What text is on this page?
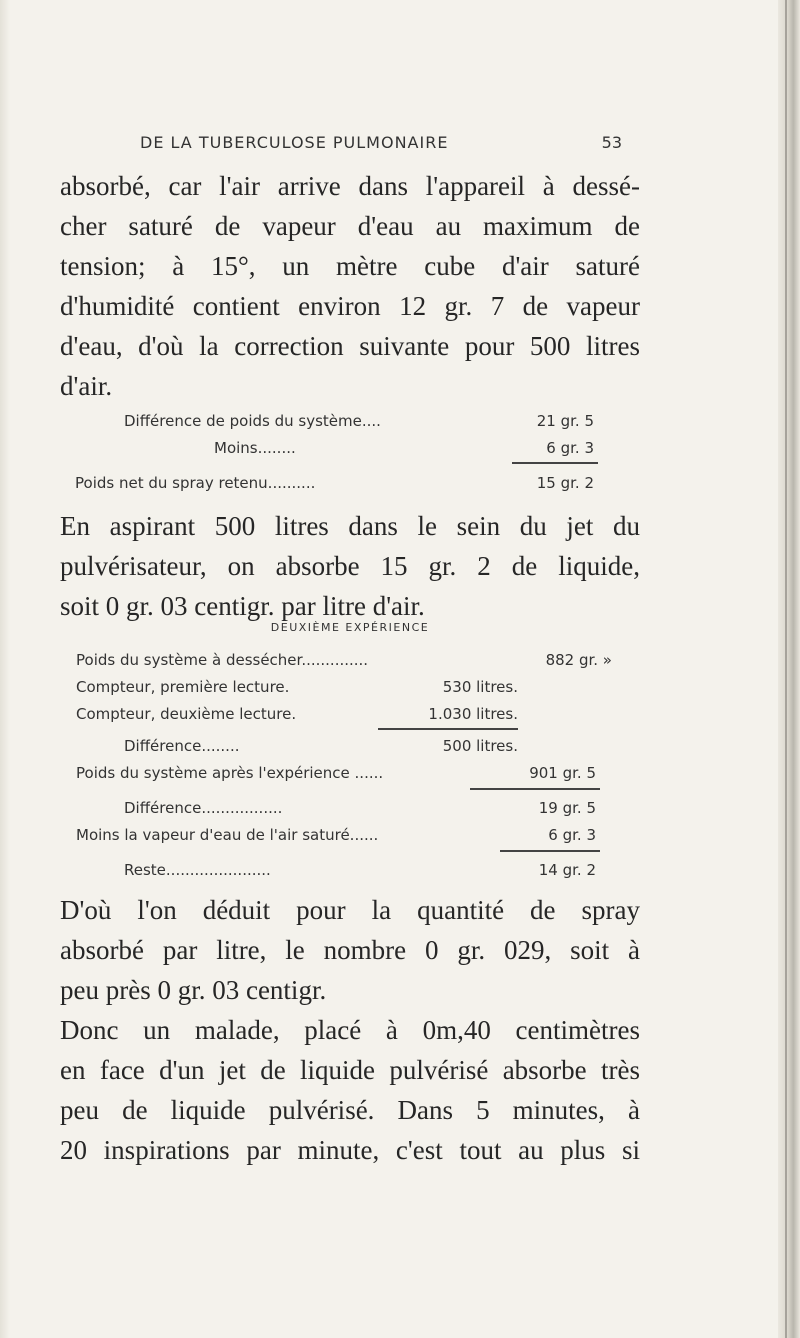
DE LA TUBERCULOSE PULMONAIRE	53
absorbé, car l'air arrive dans l'appareil à dessé-
cher saturé de vapeur d'eau au maximum de
tension; à 15°, un mètre cube d'air saturé
d'humidité contient environ 12 gr. 7 de vapeur
d'eau, d'où la correction suivante pour 500 litres
d'air.
Différence de poids du système....	21 gr. 5
Moins........	6 gr. 3
Poids net du spray retenu..........	15 gr. 2
En aspirant 500 litres dans le sein du jet du
pulvérisateur, on absorbe 15 gr. 2 de liquide,
soit 0 gr. 03 centigr. par litre d'air.
DEUXIÈME EXPÉRIENCE
Poids du système à dessécher..............	882 gr. »
Compteur, première lecture.	530 litres.
Compteur, deuxième lecture.	1.030 litres.
Différence........	500 litres.
Poids du système après l'expérience ......	901 gr. 5
Différence.................	19 gr. 5
Moins la vapeur d'eau de l'air saturé......	6 gr. 3
Reste......................	14 gr. 2
D'où l'on déduit pour la quantité de spray
absorbé par litre, le nombre 0 gr. 029, soit à
peu près 0 gr. 03 centigr.
Donc un malade, placé à 0m,40 centimètres
en face d'un jet de liquide pulvérisé absorbe très
peu de liquide pulvérisé. Dans 5 minutes, à
20 inspirations par minute, c'est tout au plus si
